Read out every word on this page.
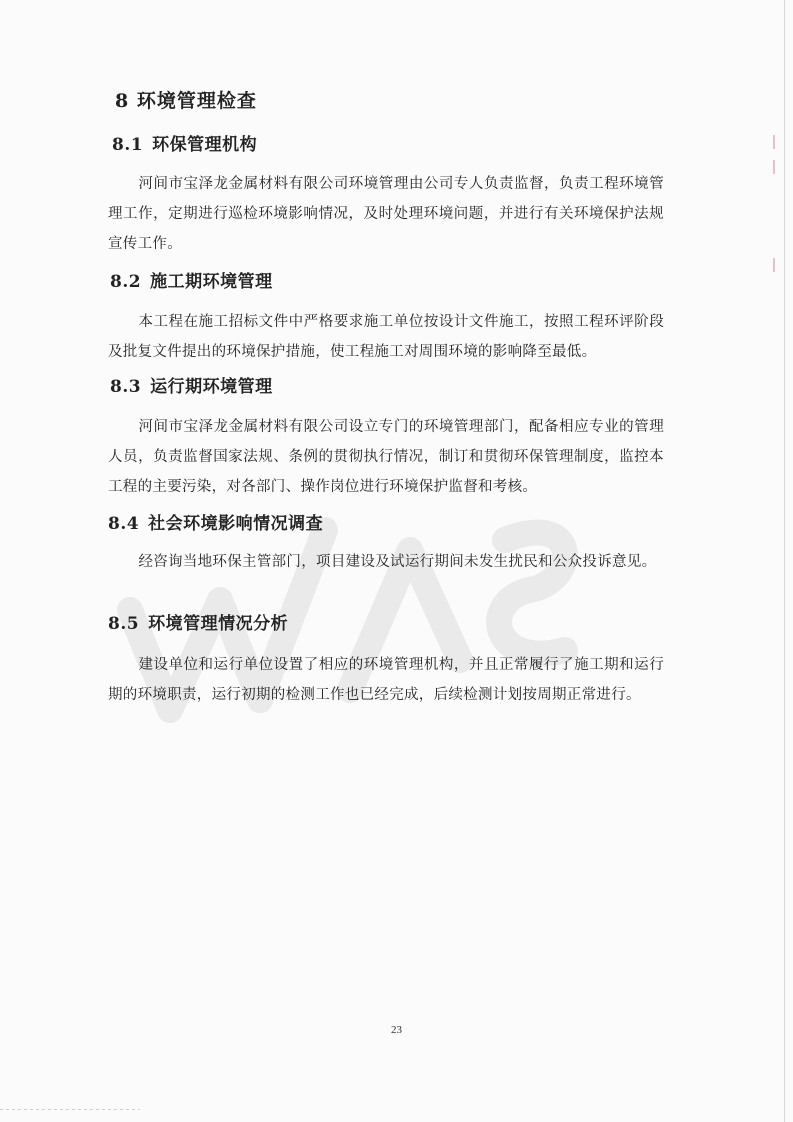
8 环境管理检查
8.1 环保管理机构
河间市宝泽龙金属材料有限公司环境管理由公司专人负责监督，负责工程环境管理工作，定期进行巡检环境影响情况，及时处理环境问题，并进行有关环境保护法规宣传工作。
8.2 施工期环境管理
本工程在施工招标文件中严格要求施工单位按设计文件施工，按照工程环评阶段及批复文件提出的环境保护措施，使工程施工对周围环境的影响降至最低。
8.3 运行期环境管理
河间市宝泽龙金属材料有限公司设立专门的环境管理部门，配备相应专业的管理人员，负责监督国家法规、条例的贯彻执行情况，制订和贯彻环保管理制度，监控本工程的主要污染，对各部门、操作岗位进行环境保护监督和考核。
8.4 社会环境影响情况调查
经咨询当地环保主管部门，项目建设及试运行期间未发生扰民和公众投诉意见。
8.5 环境管理情况分析
建设单位和运行单位设置了相应的环境管理机构，并且正常履行了施工期和运行期的环境职责，运行初期的检测工作也已经完成，后续检测计划按周期正常进行。
23
